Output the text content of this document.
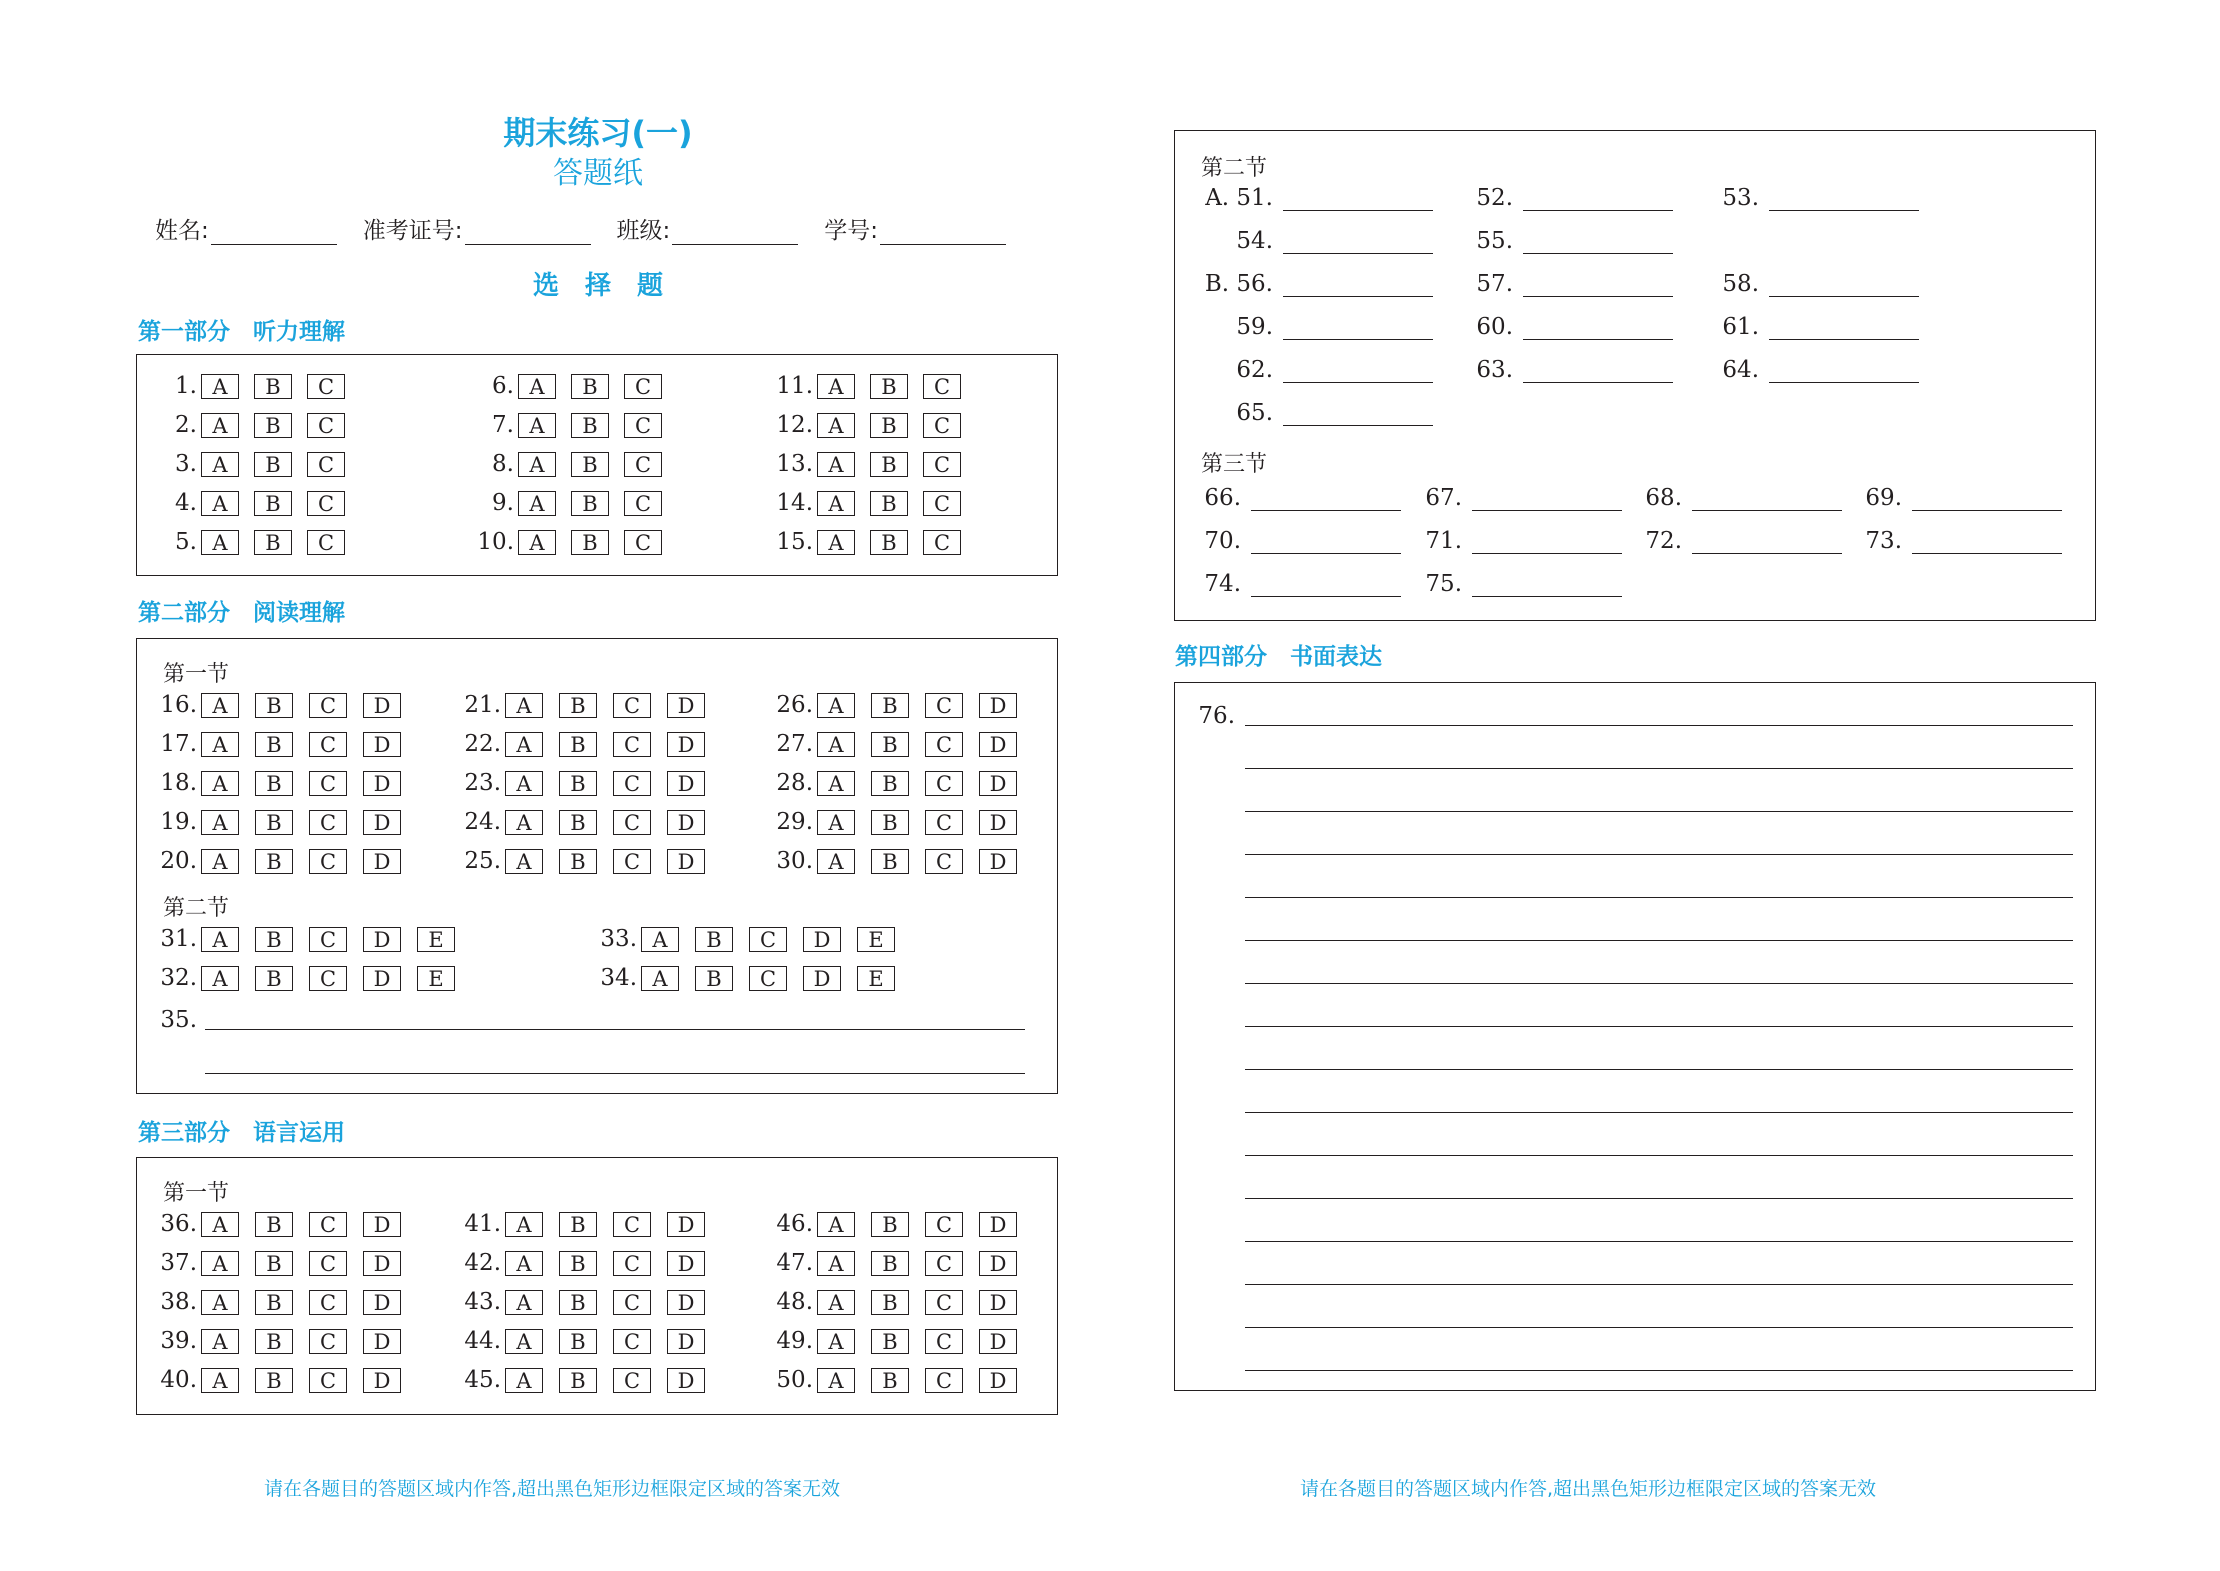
期末练习(一)
答题纸
姓名:	准考证号:	班级:	学号:
选　择　题
第一部分　听力理解
1. A	B	C
2. A	B	C
3. A	B	C
4. A	B	C
5. A	B	C
6. A	B	C
7. A	B	C
8. A	B	C
9. A	B	C
10. A	B	C
11. A	B	C
12. A	B	C
13. A	B	C
14. A	B	C
15. A	B	C
第二部分　阅读理解
第一节
第二节
35.
16. A	B	C	D
17. A	B	C	D
18. A	B	C	D
19. A	B	C	D
20. A	B	C	D
21. A	B	C	D
22. A	B	C	D
23. A	B	C	D
24. A	B	C	D
25. A	B	C	D
26. A	B	C	D
27. A	B	C	D
28. A	B	C	D
29. A	B	C	D
30. A	B	C	D
31. A	B	C	D	E
32. A	B	C	D	E
33. A	B	C	D	E
34. A	B	C	D	E
第三部分　语言运用
第一节
36. A	B	C	D
37. A	B	C	D
38. A	B	C	D
39. A	B	C	D
40. A	B	C	D
41. A	B	C	D
42. A	B	C	D
43. A	B	C	D
44. A	B	C	D
45. A	B	C	D
46. A	B	C	D
47. A	B	C	D
48. A	B	C	D
49. A	B	C	D
50. A	B	C	D
请在各题目的答题区域内作答,超出黑色矩形边框限定区域的答案无效
第二节
第三节
A. 51.	52.	53.
54.	55.
B. 56.	57.	58.
59.	60.	61.
62.	63.	64.
65.
66.	67.	68.	69.
70.	71.	72.	73.
74.	75.
第四部分　书面表达
76.
请在各题目的答题区域内作答,超出黑色矩形边框限定区域的答案无效
